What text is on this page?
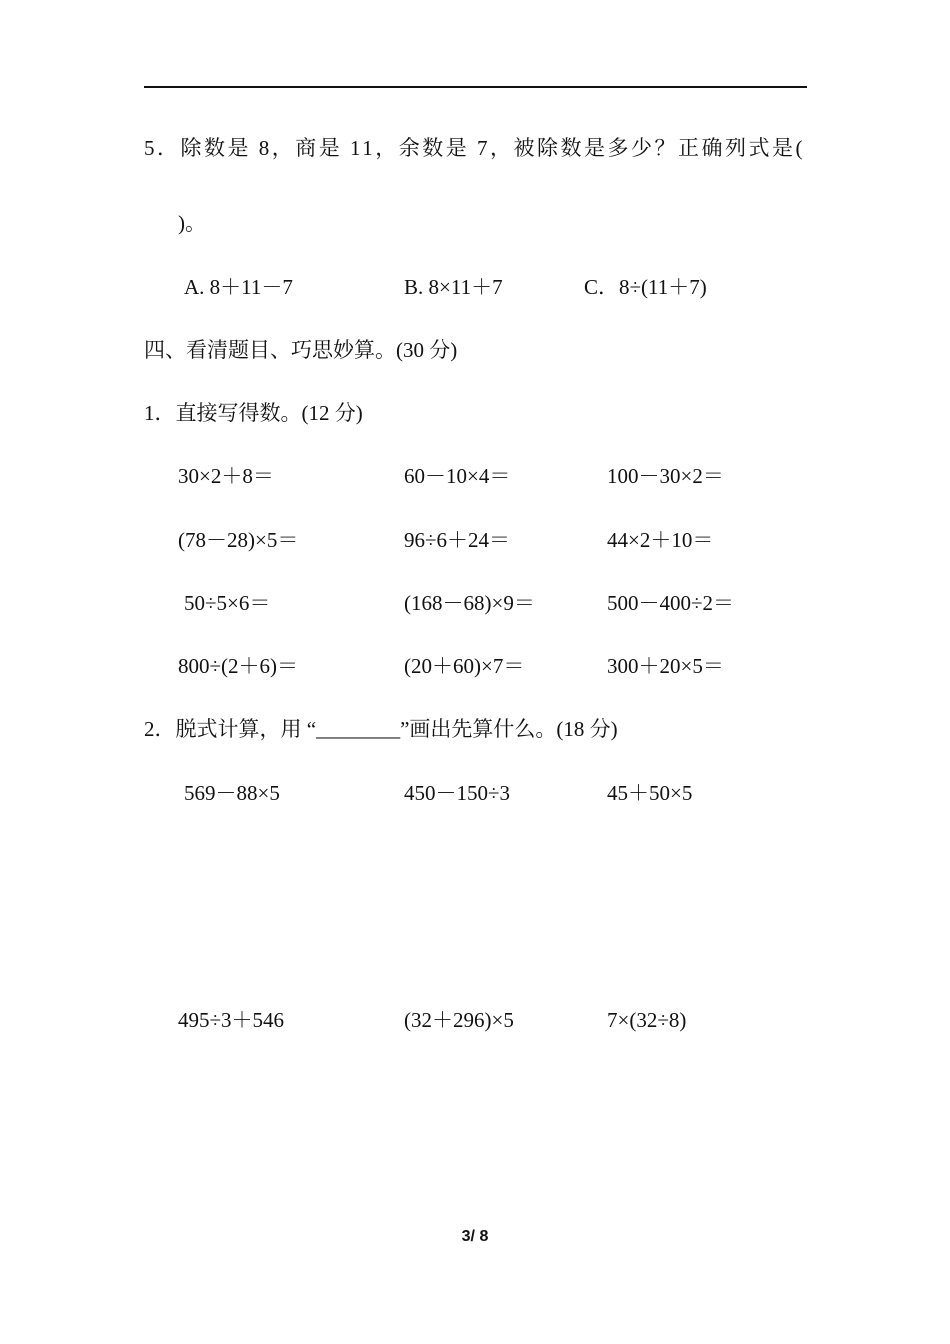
5．除数是 8，商是 11，余数是 7，被除数是多少？正确列式是(
)。
A. 8＋11－7	B. 8×11＋7	C．8÷(11＋7)
四、看清题目、巧思妙算。(30 分)
1．直接写得数。(12 分)
30×2＋8＝	60－10×4＝	100－30×2＝
(78－28)×5＝	96÷6＋24＝	44×2＋10＝
50÷5×6＝	(168－68)×9＝	500－400÷2＝
800÷(2＋6)＝	(20＋60)×7＝	300＋20×5＝
2．脱式计算，用 “________”画出先算什么。(18 分)
569－88×5	450－150÷3	45＋50×5
495÷3＋546	(32＋296)×5	7×(32÷8)
3/ 8
